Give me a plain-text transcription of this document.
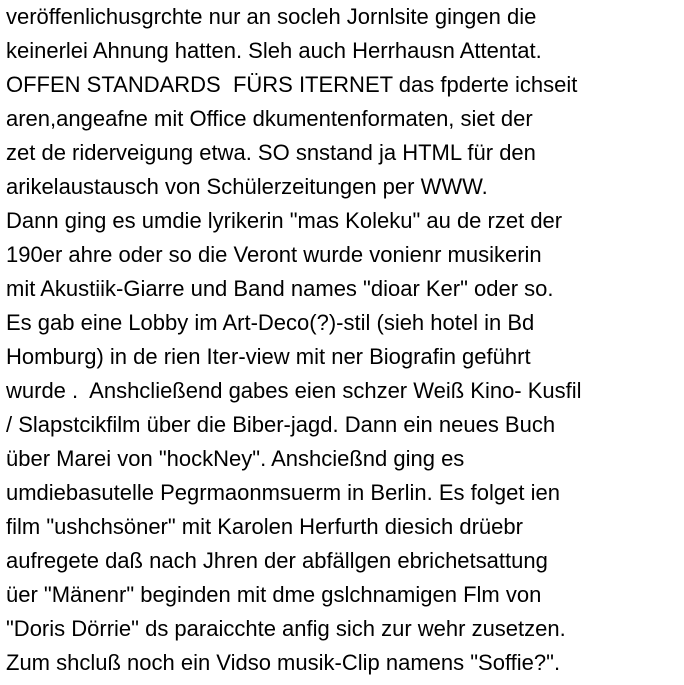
veröffenlichusgrchte nur an socleh Jornlsite gingen die
keinerlei Ahnung hatten. Sleh auch Herrhausn Attentat.
OFFEN STANDARDS  FÜRS ITERNET das fpderte ichseit
aren,angeafne mit Office dkumentenformaten, siet der
zet de riderveigung etwa. SO snstand ja HTML für den
arikelaustausch von Schülerzeitungen per WWW.
Dann ging es umdie lyrikerin "mas Koleku" au de rzet der
190er ahre oder so die Veront wurde vonienr musikerin
mit Akustiik-Giarre und Band names "dioar Ker" oder so.
Es gab eine Lobby im Art-Deco(?)-stil (sieh hotel in Bd
Homburg) in de rien Iter-view mit ner Biografin geführt
wurde .  Anshcließend gabes eien schzer Weiß Kino- Kusfil
/ Slapstcikfilm über die Biber-jagd. Dann ein neues Buch
über Marei von "hockNey". Anshcießnd ging es
umdiebasutelle Pegrmaonmsuerm in Berlin. Es folget ien
film "ushchsöner" mit Karolen Herfurth diesich drüebr
aufregete daß nach Jhren der abfällgen ebrichetsattung
üer "Mänenr" beginden mit dme gslchnamigen Flm von
"Doris Dörrie" ds paraicchte anfig sich zur wehr zusetzen.
Zum shcluß noch ein Vidso musik-Clip namens "Soffie?".
